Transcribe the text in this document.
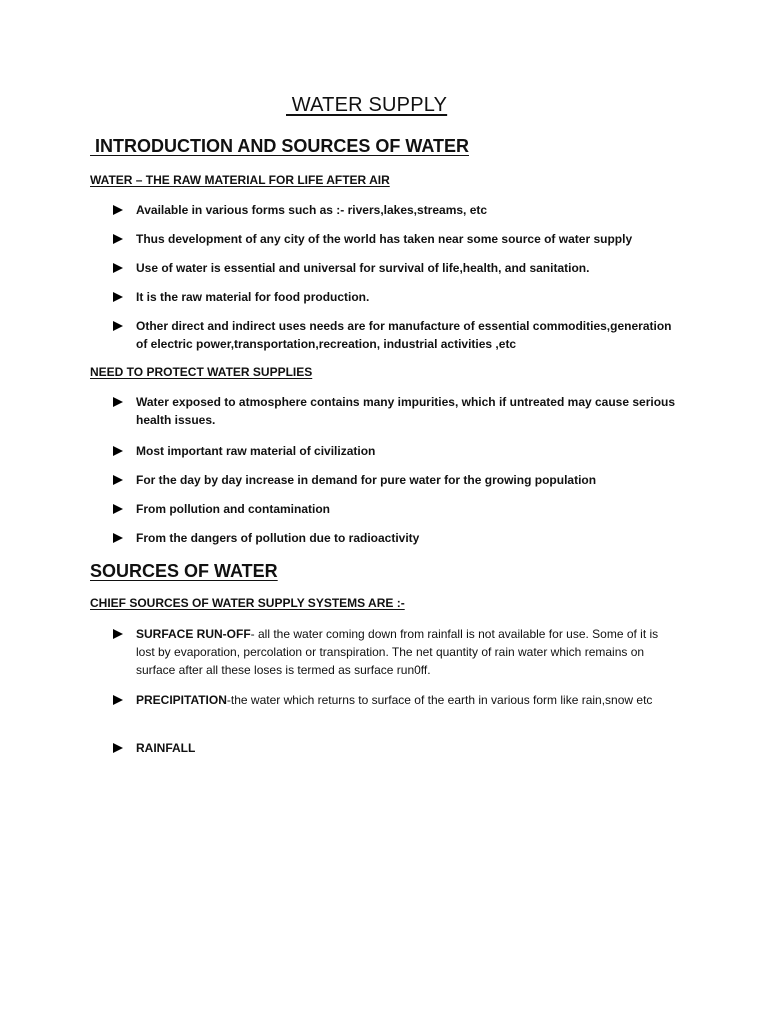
WATER SUPPLY
INTRODUCTION AND SOURCES OF WATER
WATER – THE RAW MATERIAL FOR LIFE AFTER AIR
Available in various forms such as :- rivers,lakes,streams, etc
Thus development of any city of the world has taken near some source of water supply
Use of water is essential and universal for survival of life,health, and sanitation.
It is the raw material for food production.
Other direct and indirect uses needs are for manufacture of essential commodities,generation of electric power,transportation,recreation, industrial activities ,etc
NEED TO PROTECT WATER SUPPLIES
Water exposed to atmosphere contains many impurities, which if untreated may cause serious health issues.
Most important raw material of civilization
For the day by day increase in demand for pure water for the growing population
From pollution and contamination
From the dangers of pollution due to radioactivity
SOURCES OF WATER
CHIEF SOURCES OF WATER SUPPLY SYSTEMS ARE :-
SURFACE RUN-OFF- all the water coming down from rainfall is not available for use. Some of it is lost by evaporation, percolation or transpiration. The net quantity of rain water which remains on surface after all these loses is termed as surface run0ff.
PRECIPITATION-the water which returns to surface of the earth in various form like rain,snow etc
RAINFALL
